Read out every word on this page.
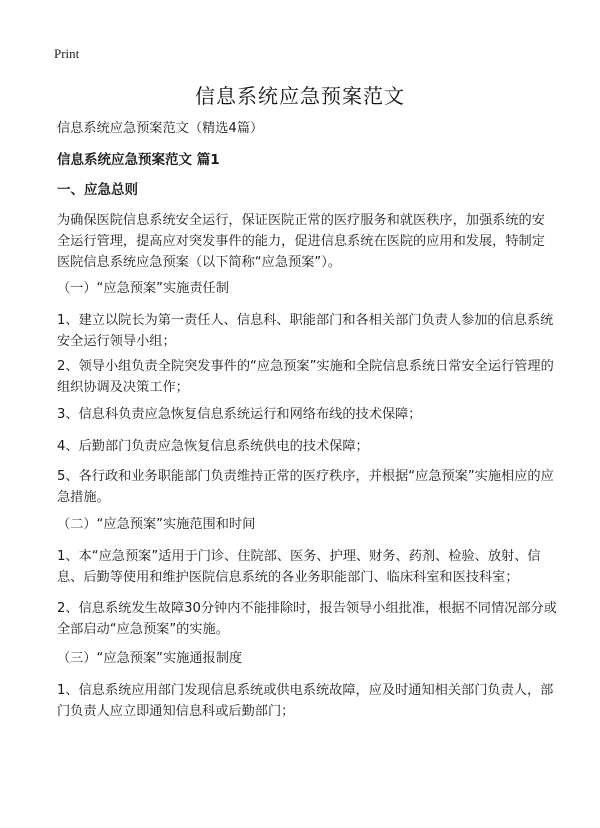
Print
信息系统应急预案范文
信息系统应急预案范文（精选4篇）
信息系统应急预案范文 篇1
一、应急总则
为确保医院信息系统安全运行，保证医院正常的医疗服务和就医秩序，加强系统的安全运行管理，提高应对突发事件的能力，促进信息系统在医院的应用和发展，特制定医院信息系统应急预案（以下简称“应急预案”）。
（一）“应急预案”实施责任制
1、建立以院长为第一责任人、信息科、职能部门和各相关部门负责人参加的信息系统安全运行领导小组；
2、领导小组负责全院突发事件的“应急预案”实施和全院信息系统日常安全运行管理的组织协调及决策工作；
3、信息科负责应急恢复信息系统运行和网络布线的技术保障；
4、后勤部门负责应急恢复信息系统供电的技术保障；
5、各行政和业务职能部门负责维持正常的医疗秩序，并根据“应急预案”实施相应的应急措施。
（二）“应急预案”实施范围和时间
1、本“应急预案”适用于门诊、住院部、医务、护理、财务、药剂、检验、放射、信息、后勤等使用和维护医院信息系统的各业务职能部门、临床科室和医技科室；
2、信息系统发生故障30分钟内不能排除时，报告领导小组批准，根据不同情况部分或全部启动“应急预案”的实施。
（三）“应急预案”实施通报制度
1、信息系统应用部门发现信息系统或供电系统故障，应及时通知相关部门负责人，部门负责人应立即通知信息科或后勤部门；
